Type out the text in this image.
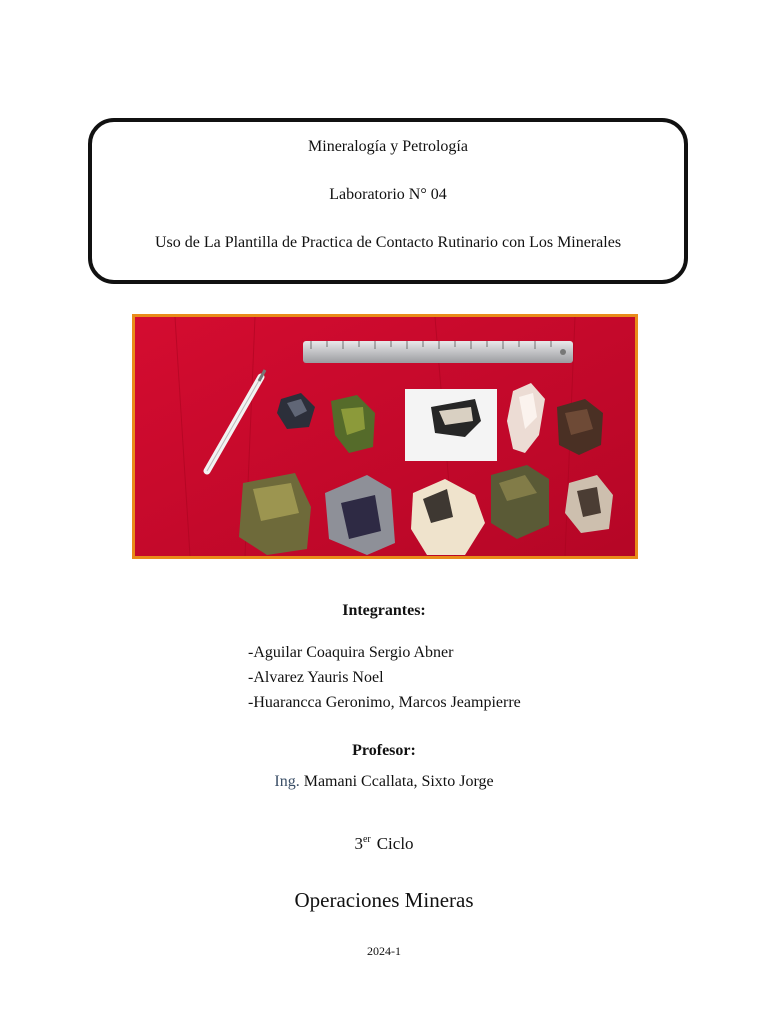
Mineralogía y Petrología
Laboratorio N° 04
Uso de La Plantilla de Practica de Contacto Rutinario con Los Minerales
Integrantes:
-Aguilar Coaquira Sergio Abner
-Alvarez Yauris Noel
-Huarancca Geronimo, Marcos Jeampierre
Profesor:
Ing. Mamani Ccallata, Sixto Jorge
3er Ciclo
Operaciones Mineras
2024-1
